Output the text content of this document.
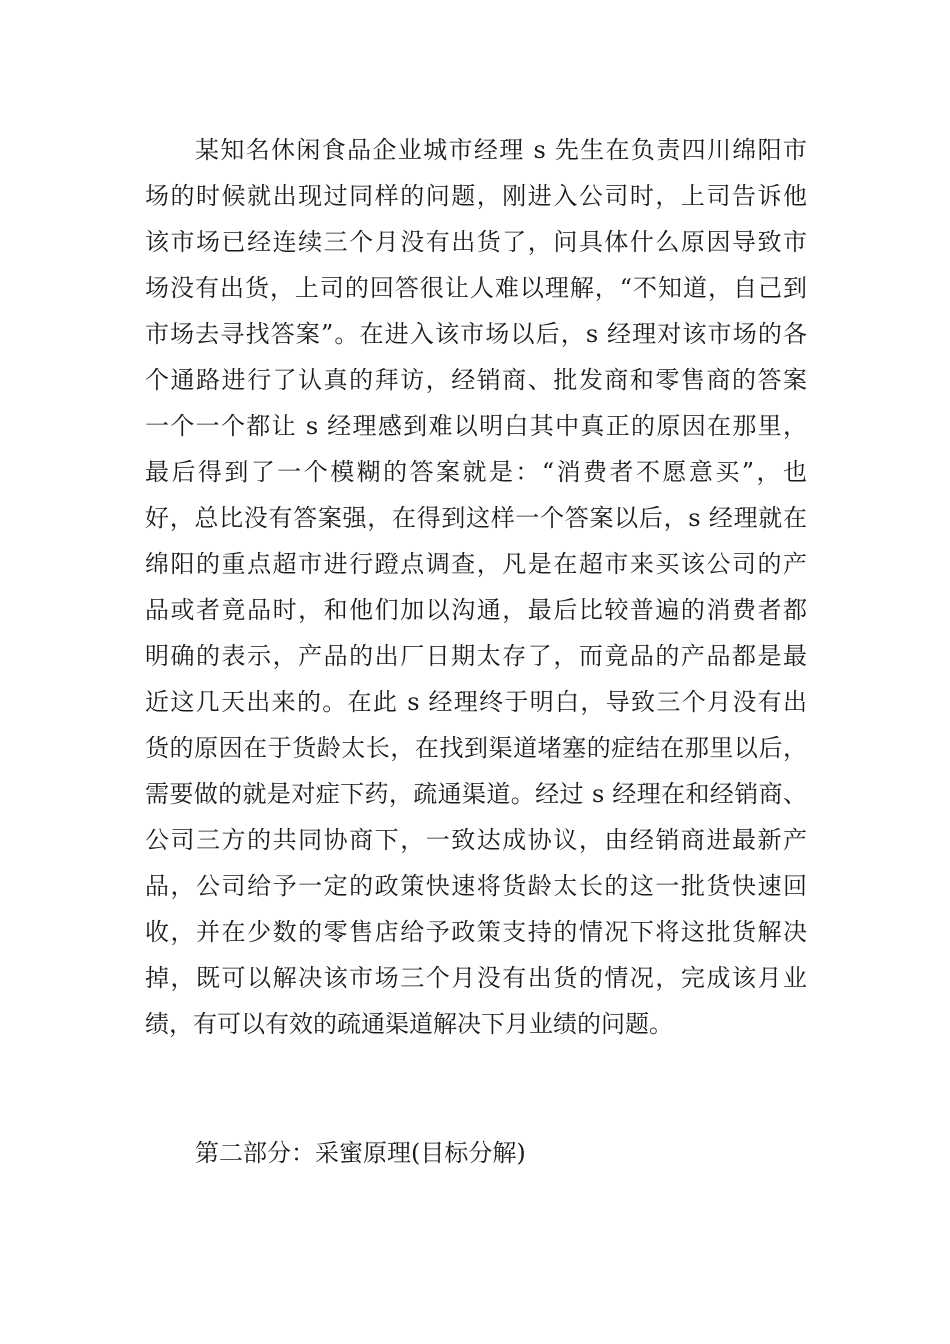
某知名休闲食品企业城市经理 s 先生在负责四川绵阳市
场的时候就出现过同样的问题，刚进入公司时，上司告诉他
该市场已经连续三个月没有出货了，问具体什么原因导致市
场没有出货，上司的回答很让人难以理解，“不知道，自己到
市场去寻找答案”。在进入该市场以后，s 经理对该市场的各
个通路进行了认真的拜访，经销商、批发商和零售商的答案
一个一个都让 s 经理感到难以明白其中真正的原因在那里，
最后得到了一个模糊的答案就是：“消费者不愿意买”，也
好，总比没有答案强，在得到这样一个答案以后，s 经理就在
绵阳的重点超市进行蹬点调查，凡是在超市来买该公司的产
品或者竟品时，和他们加以沟通，最后比较普遍的消费者都
明确的表示，产品的出厂日期太存了，而竟品的产品都是最
近这几天出来的。在此 s 经理终于明白，导致三个月没有出
货的原因在于货龄太长，在找到渠道堵塞的症结在那里以后，
需要做的就是对症下药，疏通渠道。经过 s 经理在和经销商、
公司三方的共同协商下，一致达成协议，由经销商进最新产
品，公司给予一定的政策快速将货龄太长的这一批货快速回
收，并在少数的零售店给予政策支持的情况下将这批货解决
掉，既可以解决该市场三个月没有出货的情况，完成该月业
绩，有可以有效的疏通渠道解决下月业绩的问题。
第二部分：采蜜原理(目标分解)
